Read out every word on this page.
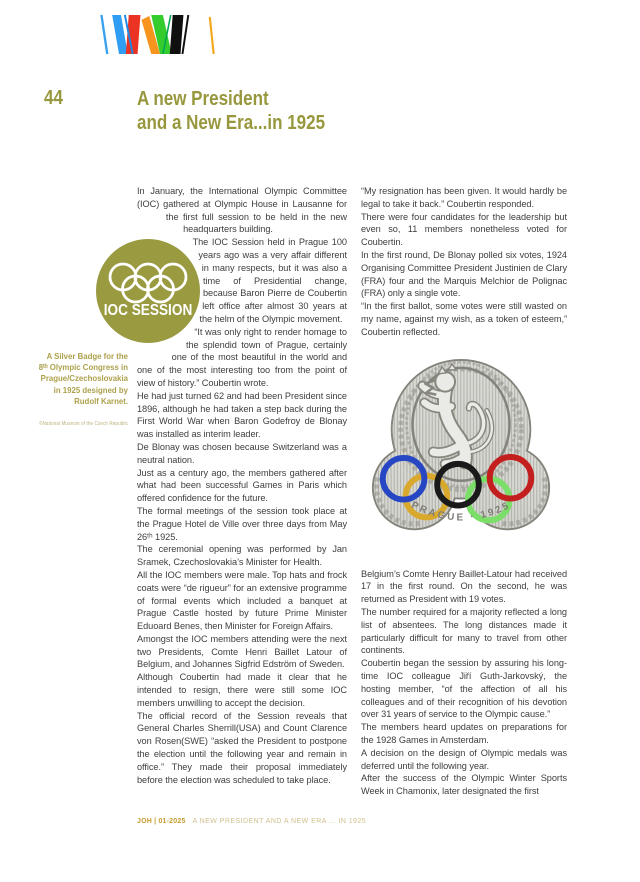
44	A new President
and a New Era...in 1925

In January, the International Olympic Committee (IOC) gathered at Olympic House in Lausanne for the first full session to be held in the new headquarters building.

The IOC Session held in Prague 100 years ago was a very affair different in many respects, but it was also a time of Presidential change, because Baron Pierre de Coubertin left office after almost 30 years at the helm of the Olympic movement.

“It was only right to render homage to the splendid town of Prague, certainly one of the most beautiful in the world and one of the most interesting too from the point of view of history.” Coubertin wrote.

He had just turned 62 and had been President since 1896, although he had taken a step back during the First World War when Baron Godefroy de Blonay was installed as interim leader.

De Blonay was chosen because Switzerland was a neutral nation.

Just as a century ago, the members gathered after what had been successful Games in Paris which offered confidence for the future.

The formal meetings of the session took place at the Prague Hotel de Ville over three days from May 26ᵗʰ 1925.

The ceremonial opening was performed by Jan Sramek, Czechoslovakia’s Minister for Health.

All the IOC members were male. Top hats and frock coats were “de rigueur” for an extensive programme of formal events which included a banquet at Prague Castle hosted by future Prime Minister Eduoard Benes, then Minister for Foreign Affairs.

Amongst the IOC members attending were the next two Presidents, Comte Henri Baillet Latour of Belgium, and Johannes Sigfrid Edström of Sweden.

Although Coubertin had made it clear that he intended to resign, there were still some IOC members unwilling to accept the decision.

The official record of the Session reveals that General Charles Sherrill(USA) and Count Clarence von Rosen(SWE) “asked the President to postpone the election until the following year and remain in office.” They made their proposal immediately before the election was scheduled to take place.

“My resignation has been given. It would hardly be legal to take it back.” Coubertin responded.

There were four candidates for the leadership but even so, 11 members nonetheless voted for Coubertin.

In the first round, De Blonay polled six votes, 1924 Organising Committee President Justinien de Clary (FRA) four and the Marquis Melchior de Polignac (FRA) only a single vote.

“In the first ballot, some votes were still wasted on my name, against my wish, as a token of esteem,” Coubertin reflected.

PRAGUE · 1925

Belgium’s Comte Henry Baillet-Latour had received 17 in the first round. On the second, he was returned as President with 19 votes.

The number required for a majority reflected a long list of absentees. The long distances made it particularly difficult for many to travel from other continents.

Coubertin began the session by assuring his long-time IOC colleague Jiří Guth-Jarkovský, the hosting member, “of the affection of all his colleagues and of their recognition of his devotion over 31 years of service to the Olympic cause.”

The members heard updates on preparations for the 1928 Games in Amsterdam.

A decision on the design of Olympic medals was deferred until the following year.

After the success of the Olympic Winter Sports Week in Chamonix, later designated the first

IOC SESSION
A Silver Badge for the
8ᵗʰ Olympic Congress in
Prague/Czechoslovakia
in 1925 designed by
Rudolf Karnet.
©National Museum of the Czech Republic
JOH | 01-2025 A NEW PRESIDENT AND A NEW ERA ... IN 1925
